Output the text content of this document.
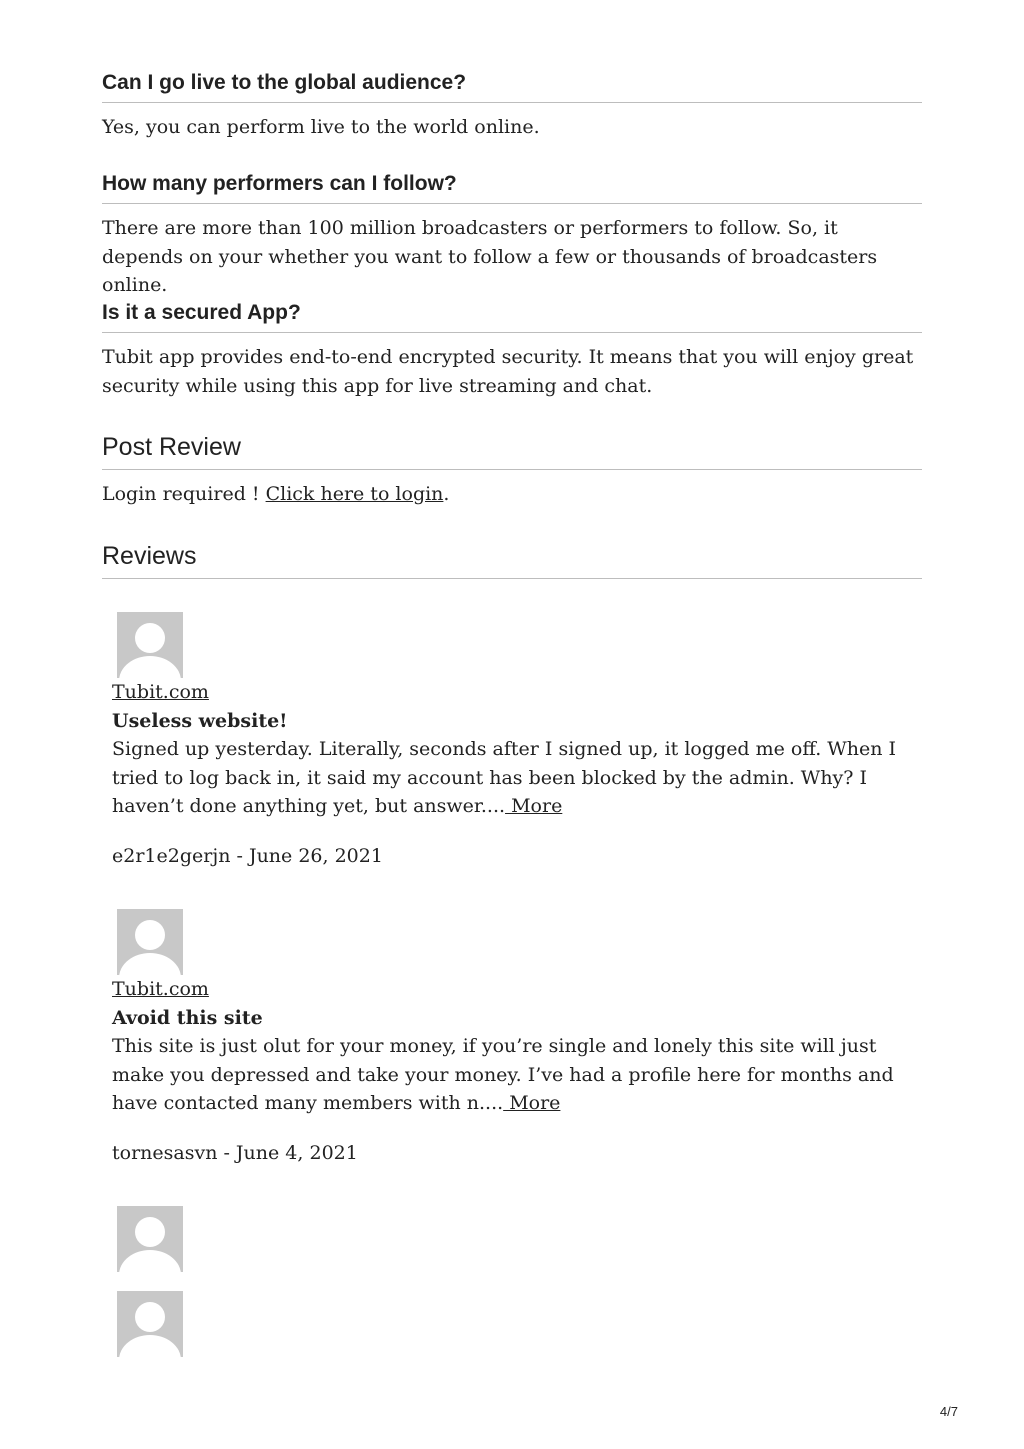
Can I go live to the global audience?

Yes, you can perform live to the world online.

How many performers can I follow?

There are more than 100 million broadcasters or performers to follow. So, it depends on your whether you want to follow a few or thousands of broadcasters online.

Is it a secured App?

Tubit app provides end-to-end encrypted security. It means that you will enjoy great security while using this app for live streaming and chat.

Post Review

Login required ! Click here to login.

Reviews
Tubit.com

Useless website!

Signed up yesterday. Literally, seconds after I signed up, it logged me off. When I tried to log back in, it said my account has been blocked by the admin. Why? I haven’t done anything yet, but answer.... More

e2r1e2gerjn - June 26, 2021

Tubit.com

Avoid this site

This site is just olut for your money, if you’re single and lonely this site will just make you depressed and take your money. I’ve had a profile here for months and have contacted many members with n.... More

tornesasvn - June 4, 2021

4/7
